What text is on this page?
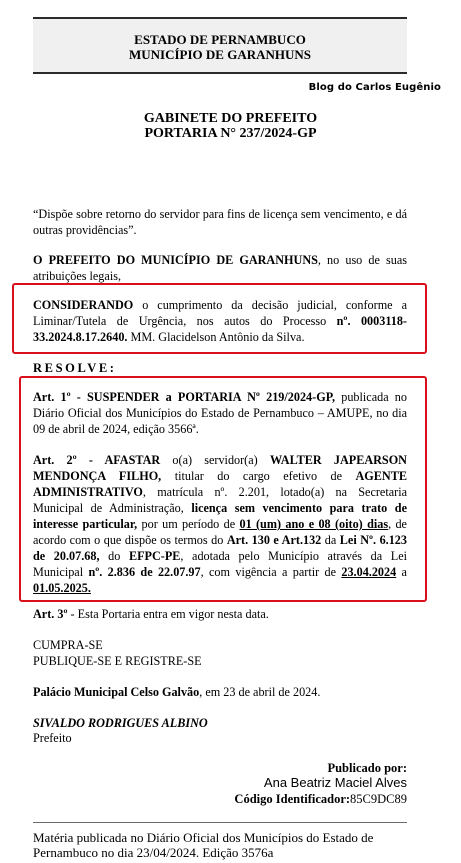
ESTADO DE PERNAMBUCO
MUNICÍPIO DE GARANHUNS
Blog do Carlos Eugênio
GABINETE DO PREFEITO
PORTARIA N° 237/2024-GP
“Dispõe sobre retorno do servidor para fins de licença sem vencimento, e dá outras providências”.
O PREFEITO DO MUNICÍPIO DE GARANHUNS, no uso de suas atribuições legais,
CONSIDERANDO o cumprimento da decisão judicial, conforme a Liminar/Tutela de Urgência, nos autos do Processo nº. 0003118-33.2024.8.17.2640. MM. Glacidelson Antônio da Silva.
RESOLVE:
Art. 1º - SUSPENDER a PORTARIA Nº 219/2024-GP, publicada no Diário Oficial dos Municípios do Estado de Pernambuco – AMUPE, no dia 09 de abril de 2024, edição 3566ª.
Art. 2º - AFASTAR o(a) servidor(a) WALTER JAPEARSON MENDONÇA FILHO, titular do cargo efetivo de AGENTE ADMINISTRATIVO, matrícula nº. 2.201, lotado(a) na Secretaria Municipal de Administração, licença sem vencimento para trato de interesse particular, por um período de 01 (um) ano e 08 (oito) dias, de acordo com o que dispõe os termos do Art. 130 e Art.132 da Lei Nº. 6.123 de 20.07.68, do EFPC-PE, adotada pelo Município através da Lei Municipal nº. 2.836 de 22.07.97, com vigência a partir de 23.04.2024 a 01.05.2025.
Art. 3º - Esta Portaria entra em vigor nesta data.
CUMPRA-SE
PUBLIQUE-SE E REGISTRE-SE
Palácio Municipal Celso Galvão, em 23 de abril de 2024.
SIVALDO RODRIGUES ALBINO
Prefeito
Publicado por:
Ana Beatriz Maciel Alves
Código Identificador:85C9DC89
Matéria publicada no Diário Oficial dos Municípios do Estado de Pernambuco no dia 23/04/2024. Edição 3576a
